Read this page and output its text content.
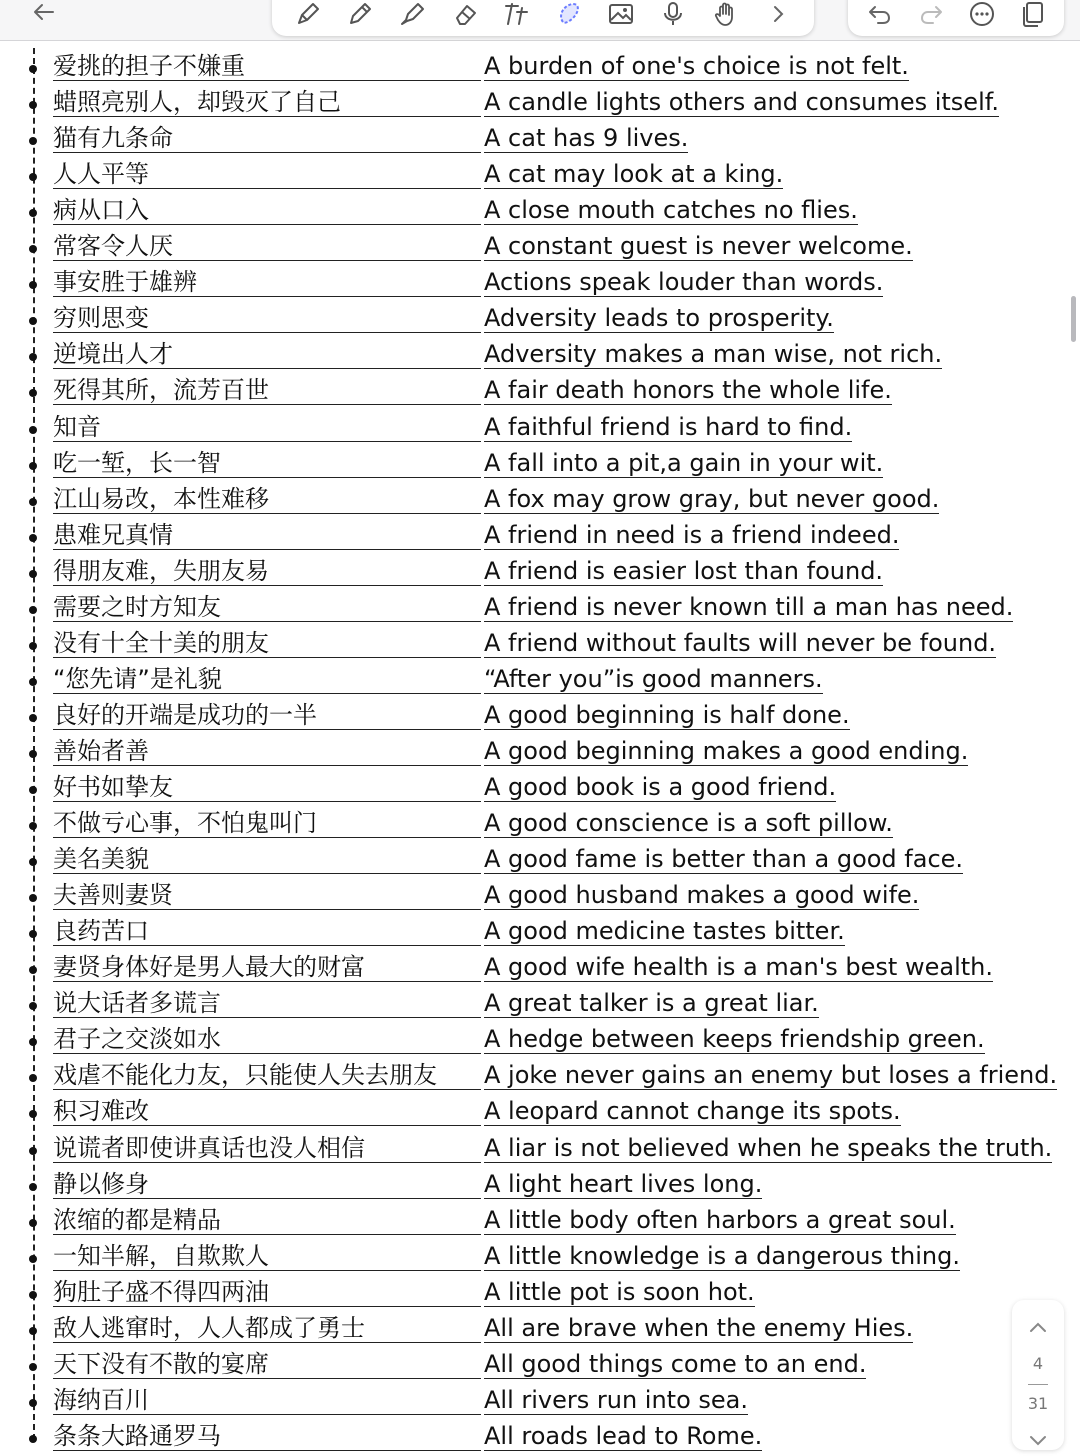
爱挑的担子不嫌重	A burden of one's choice is not felt.
蜡照亮别人，却毁灭了自己	A candle lights others and consumes itself.
猫有九条命	A cat has 9 lives.
人人平等	A cat may look at a king.
病从口入	A close mouth catches no flies.
常客令人厌	A constant guest is never welcome.
事安胜于雄辨	Actions speak louder than words.
穷则思变	Adversity leads to prosperity.
逆境出人才	Adversity makes a man wise, not rich.
死得其所，流芳百世	A fair death honors the whole life.
知音	A faithful friend is hard to find.
吃一堑，长一智	A fall into a pit,a gain in your wit.
江山易改，本性难移	A fox may grow gray, but never good.
患难兄真情	A friend in need is a friend indeed.
得朋友难，失朋友易	A friend is easier lost than found.
需要之时方知友	A friend is never known till a man has need.
没有十全十美的朋友	A friend without faults will never be found.
“您先请”是礼貌	“After you”is good manners.
良好的开端是成功的一半	A good beginning is half done.
善始者善	A good beginning makes a good ending.
好书如挚友	A good book is a good friend.
不做亏心事，不怕鬼叫门	A good conscience is a soft pillow.
美名美貌	A good fame is better than a good face.
夫善则妻贤	A good husband makes a good wife.
良药苦口	A good medicine tastes bitter.
妻贤身体好是男人最大的财富	A good wife health is a man's best wealth.
说大话者多谎言	A great talker is a great liar.
君子之交淡如水	A hedge between keeps friendship green.
戏虐不能化力友，只能使人失去朋友	A joke never gains an enemy but loses a friend.
积习难改	A leopard cannot change its spots.
说谎者即使讲真话也没人相信	A liar is not believed when he speaks the truth.
静以修身	A light heart lives long.
浓缩的都是精品	A little body often harbors a great soul.
一知半解，自欺欺人	A little knowledge is a dangerous thing.
狗肚子盛不得四两油	A little pot is soon hot.
敌人逃窜时，人人都成了勇士	All are brave when the enemy Hies.
天下没有不散的宴席	All good things come to an end.
海纳百川	All rivers run into sea.
条条大路通罗马	All roads lead to Rome.
4
31
